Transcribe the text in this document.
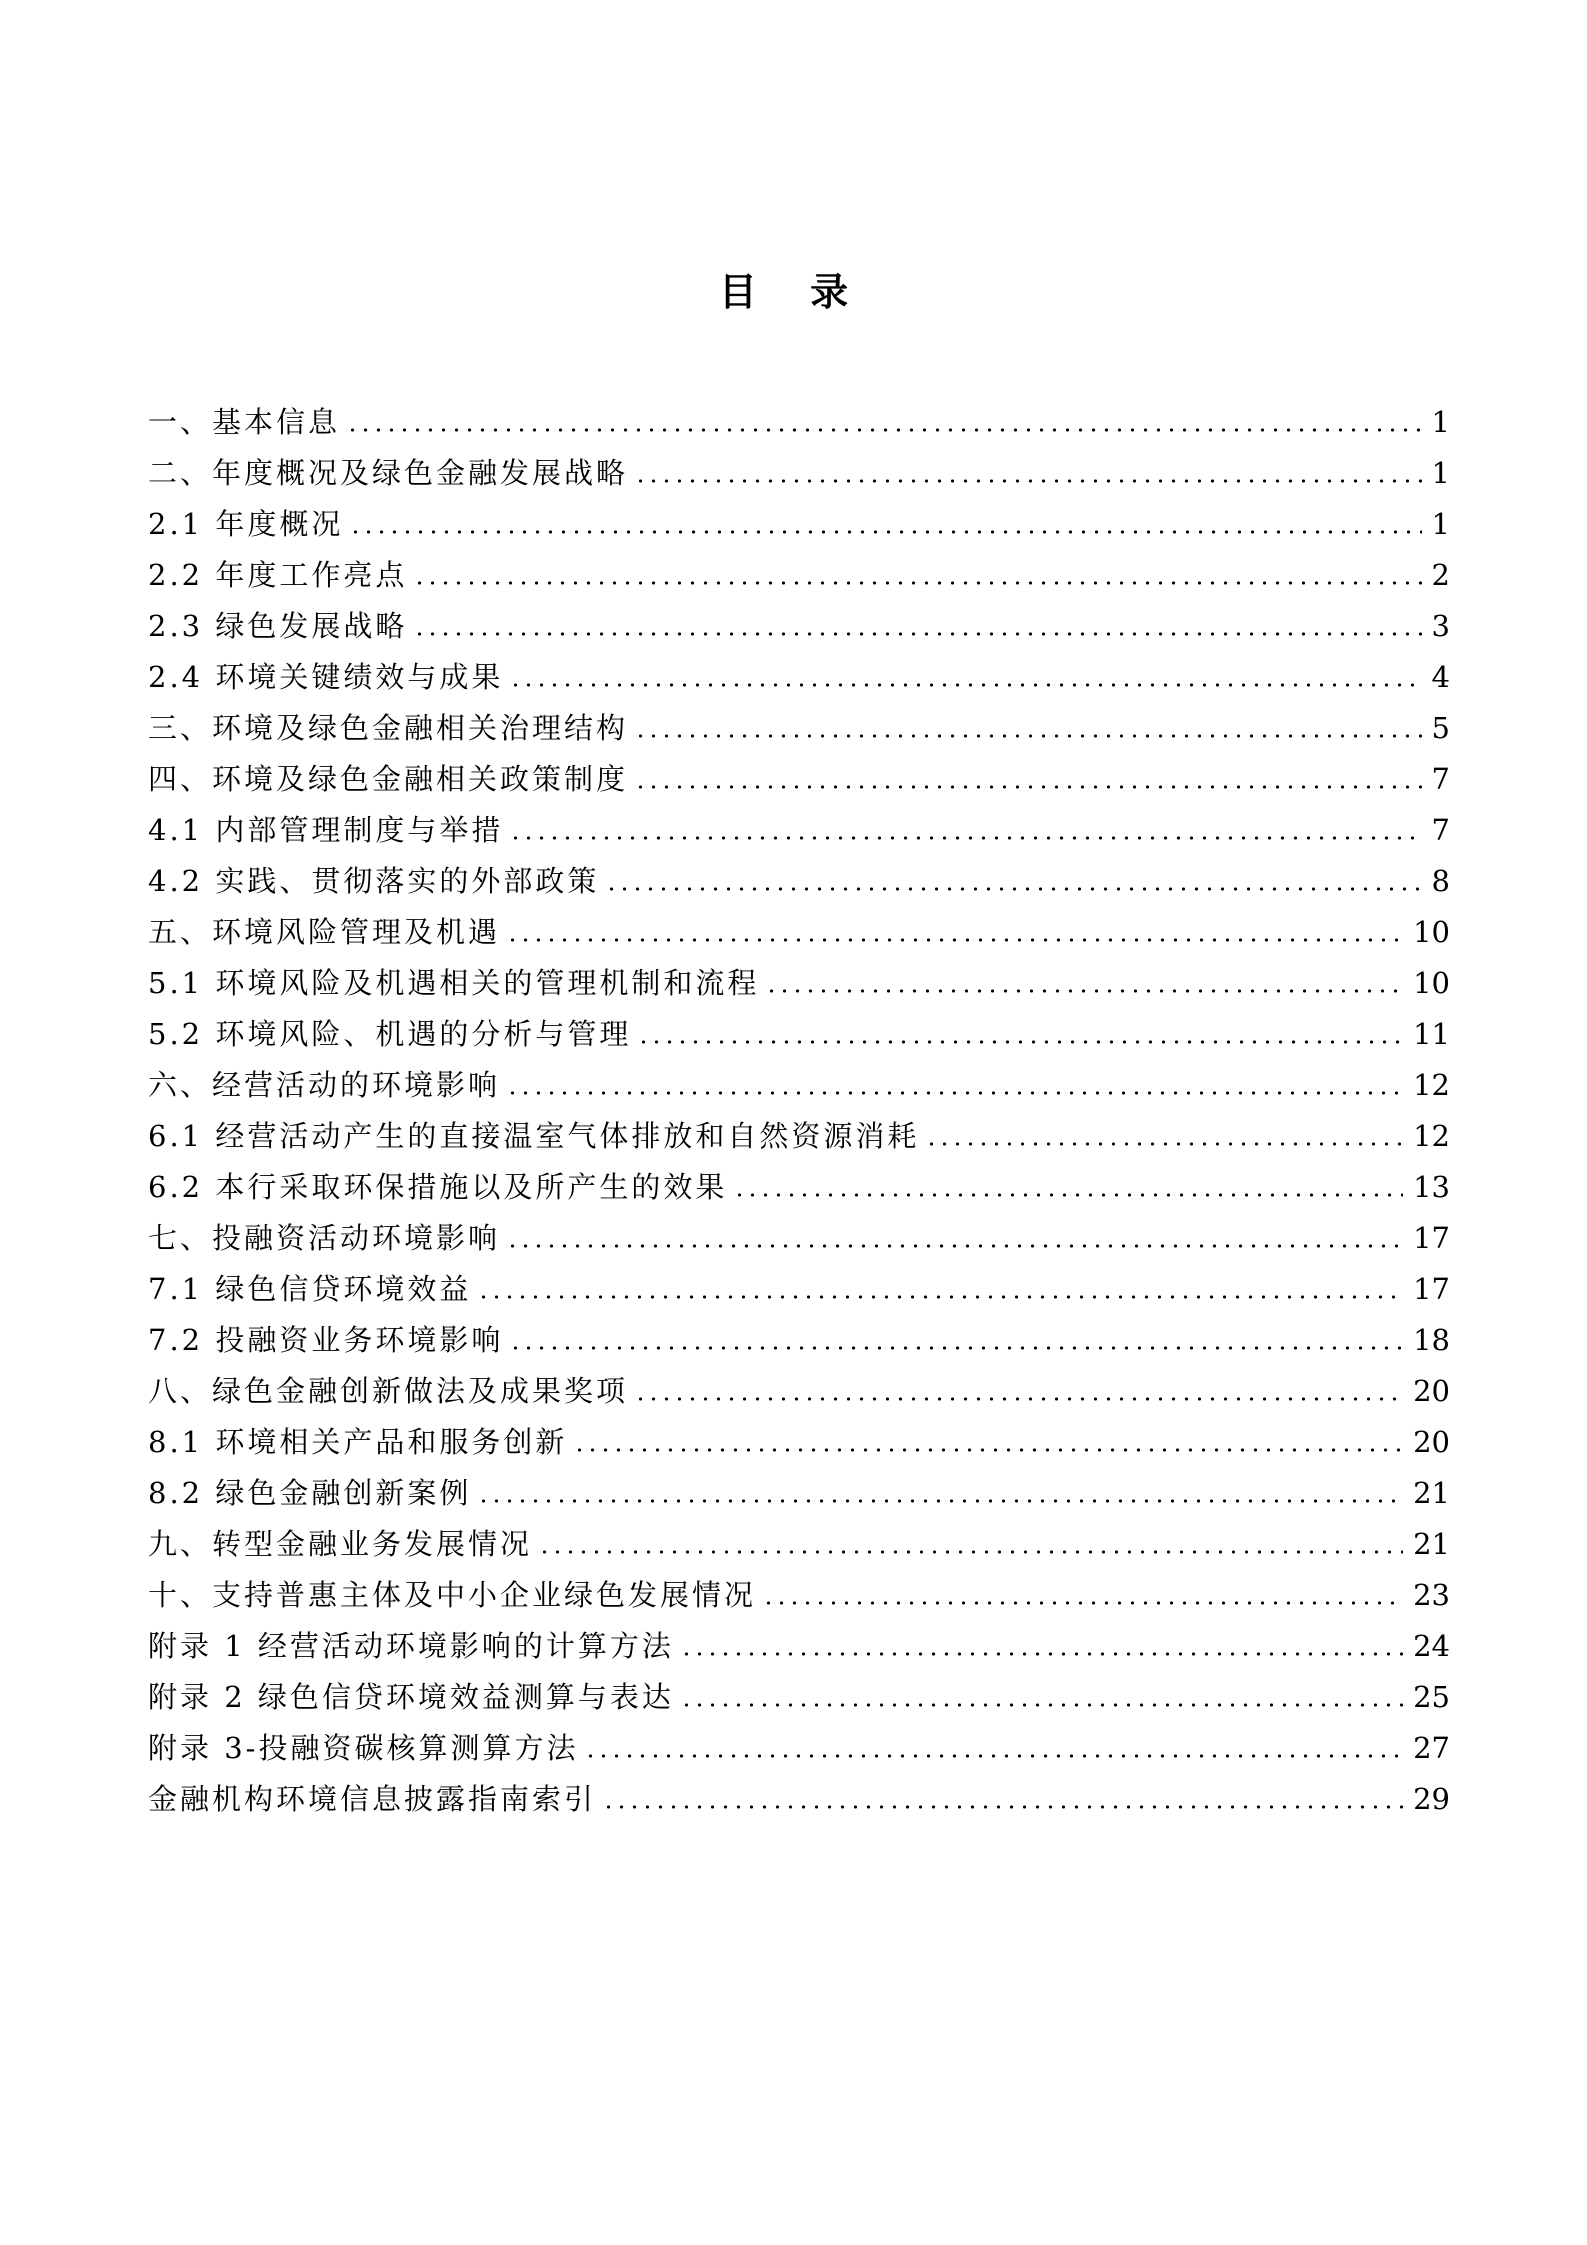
目 录
一、基本信息	1
二、年度概况及绿色金融发展战略	1
2.1 年度概况	1
2.2 年度工作亮点	2
2.3 绿色发展战略	3
2.4 环境关键绩效与成果	4
三、环境及绿色金融相关治理结构	5
四、环境及绿色金融相关政策制度	7
4.1 内部管理制度与举措	7
4.2 实践、贯彻落实的外部政策	8
五、环境风险管理及机遇	10
5.1 环境风险及机遇相关的管理机制和流程	10
5.2 环境风险、机遇的分析与管理	11
六、经营活动的环境影响	12
6.1 经营活动产生的直接温室气体排放和自然资源消耗	12
6.2 本行采取环保措施以及所产生的效果	13
七、投融资活动环境影响	17
7.1 绿色信贷环境效益	17
7.2 投融资业务环境影响	18
八、绿色金融创新做法及成果奖项	20
8.1 环境相关产品和服务创新	20
8.2 绿色金融创新案例	21
九、转型金融业务发展情况	21
十、支持普惠主体及中小企业绿色发展情况	23
附录 1 经营活动环境影响的计算方法	24
附录 2 绿色信贷环境效益测算与表达	25
附录 3-投融资碳核算测算方法	27
金融机构环境信息披露指南索引	29
